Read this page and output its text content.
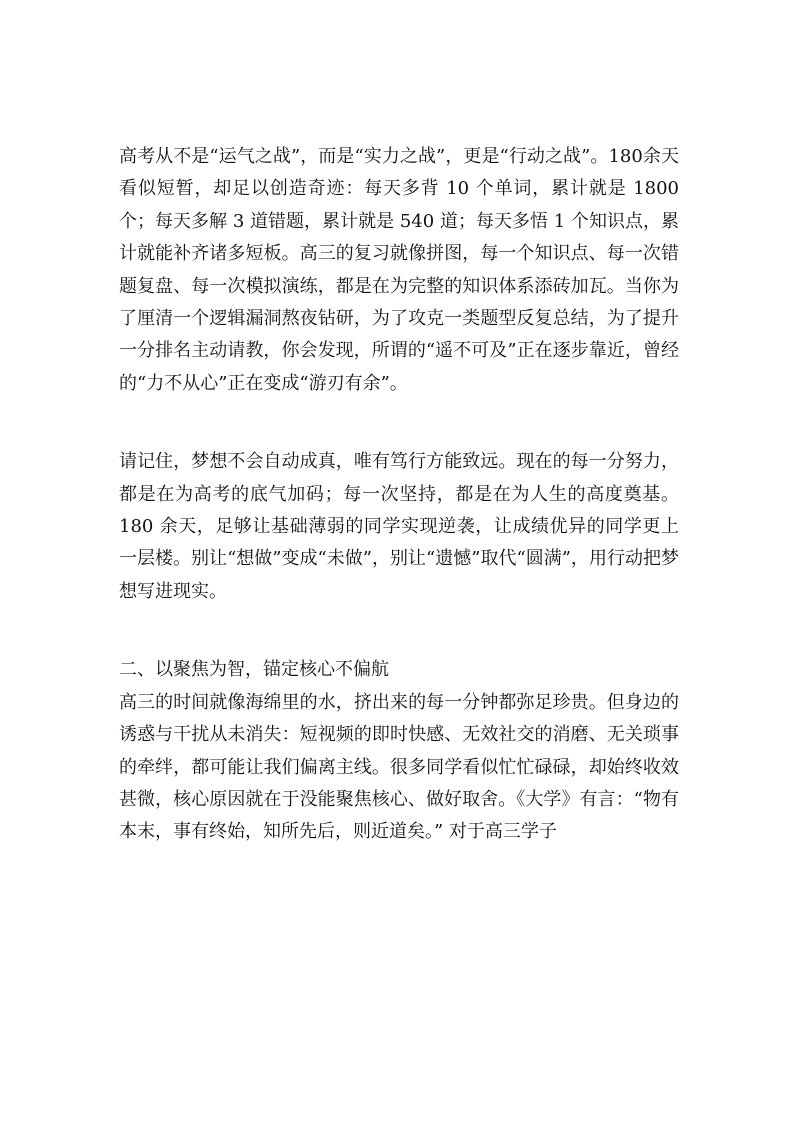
高考从不是“运气之战”，而是“实力之战”，更是“行动之战”。180余天看似短暂，却足以创造奇迹：每天多背 10 个单词，累计就是 1800 个；每天多解 3 道错题，累计就是 540 道；每天多悟 1 个知识点，累计就能补齐诸多短板。高三的复习就像拼图，每一个知识点、每一次错题复盘、每一次模拟演练，都是在为完整的知识体系添砖加瓦。当你为了厘清一个逻辑漏洞熬夜钻研，为了攻克一类题型反复总结，为了提升一分排名主动请教，你会发现，所谓的“遥不可及”正在逐步靠近，曾经的“力不从心”正在变成“游刃有余”。

请记住，梦想不会自动成真，唯有笃行方能致远。现在的每一分努力，都是在为高考的底气加码；每一次坚持，都是在为人生的高度奠基。180 余天，足够让基础薄弱的同学实现逆袭，让成绩优异的同学更上一层楼。别让“想做”变成“未做”，别让“遗憾”取代“圆满”，用行动把梦想写进现实。

二、以聚焦为智，锚定核心不偏航

高三的时间就像海绵里的水，挤出来的每一分钟都弥足珍贵。但身边的诱惑与干扰从未消失：短视频的即时快感、无效社交的消磨、无关琐事的牵绊，都可能让我们偏离主线。很多同学看似忙忙碌碌，却始终收效甚微，核心原因就在于没能聚焦核心、做好取舍。《大学》有言：“物有本末，事有终始，知所先后，则近道矣。” 对于高三学子
